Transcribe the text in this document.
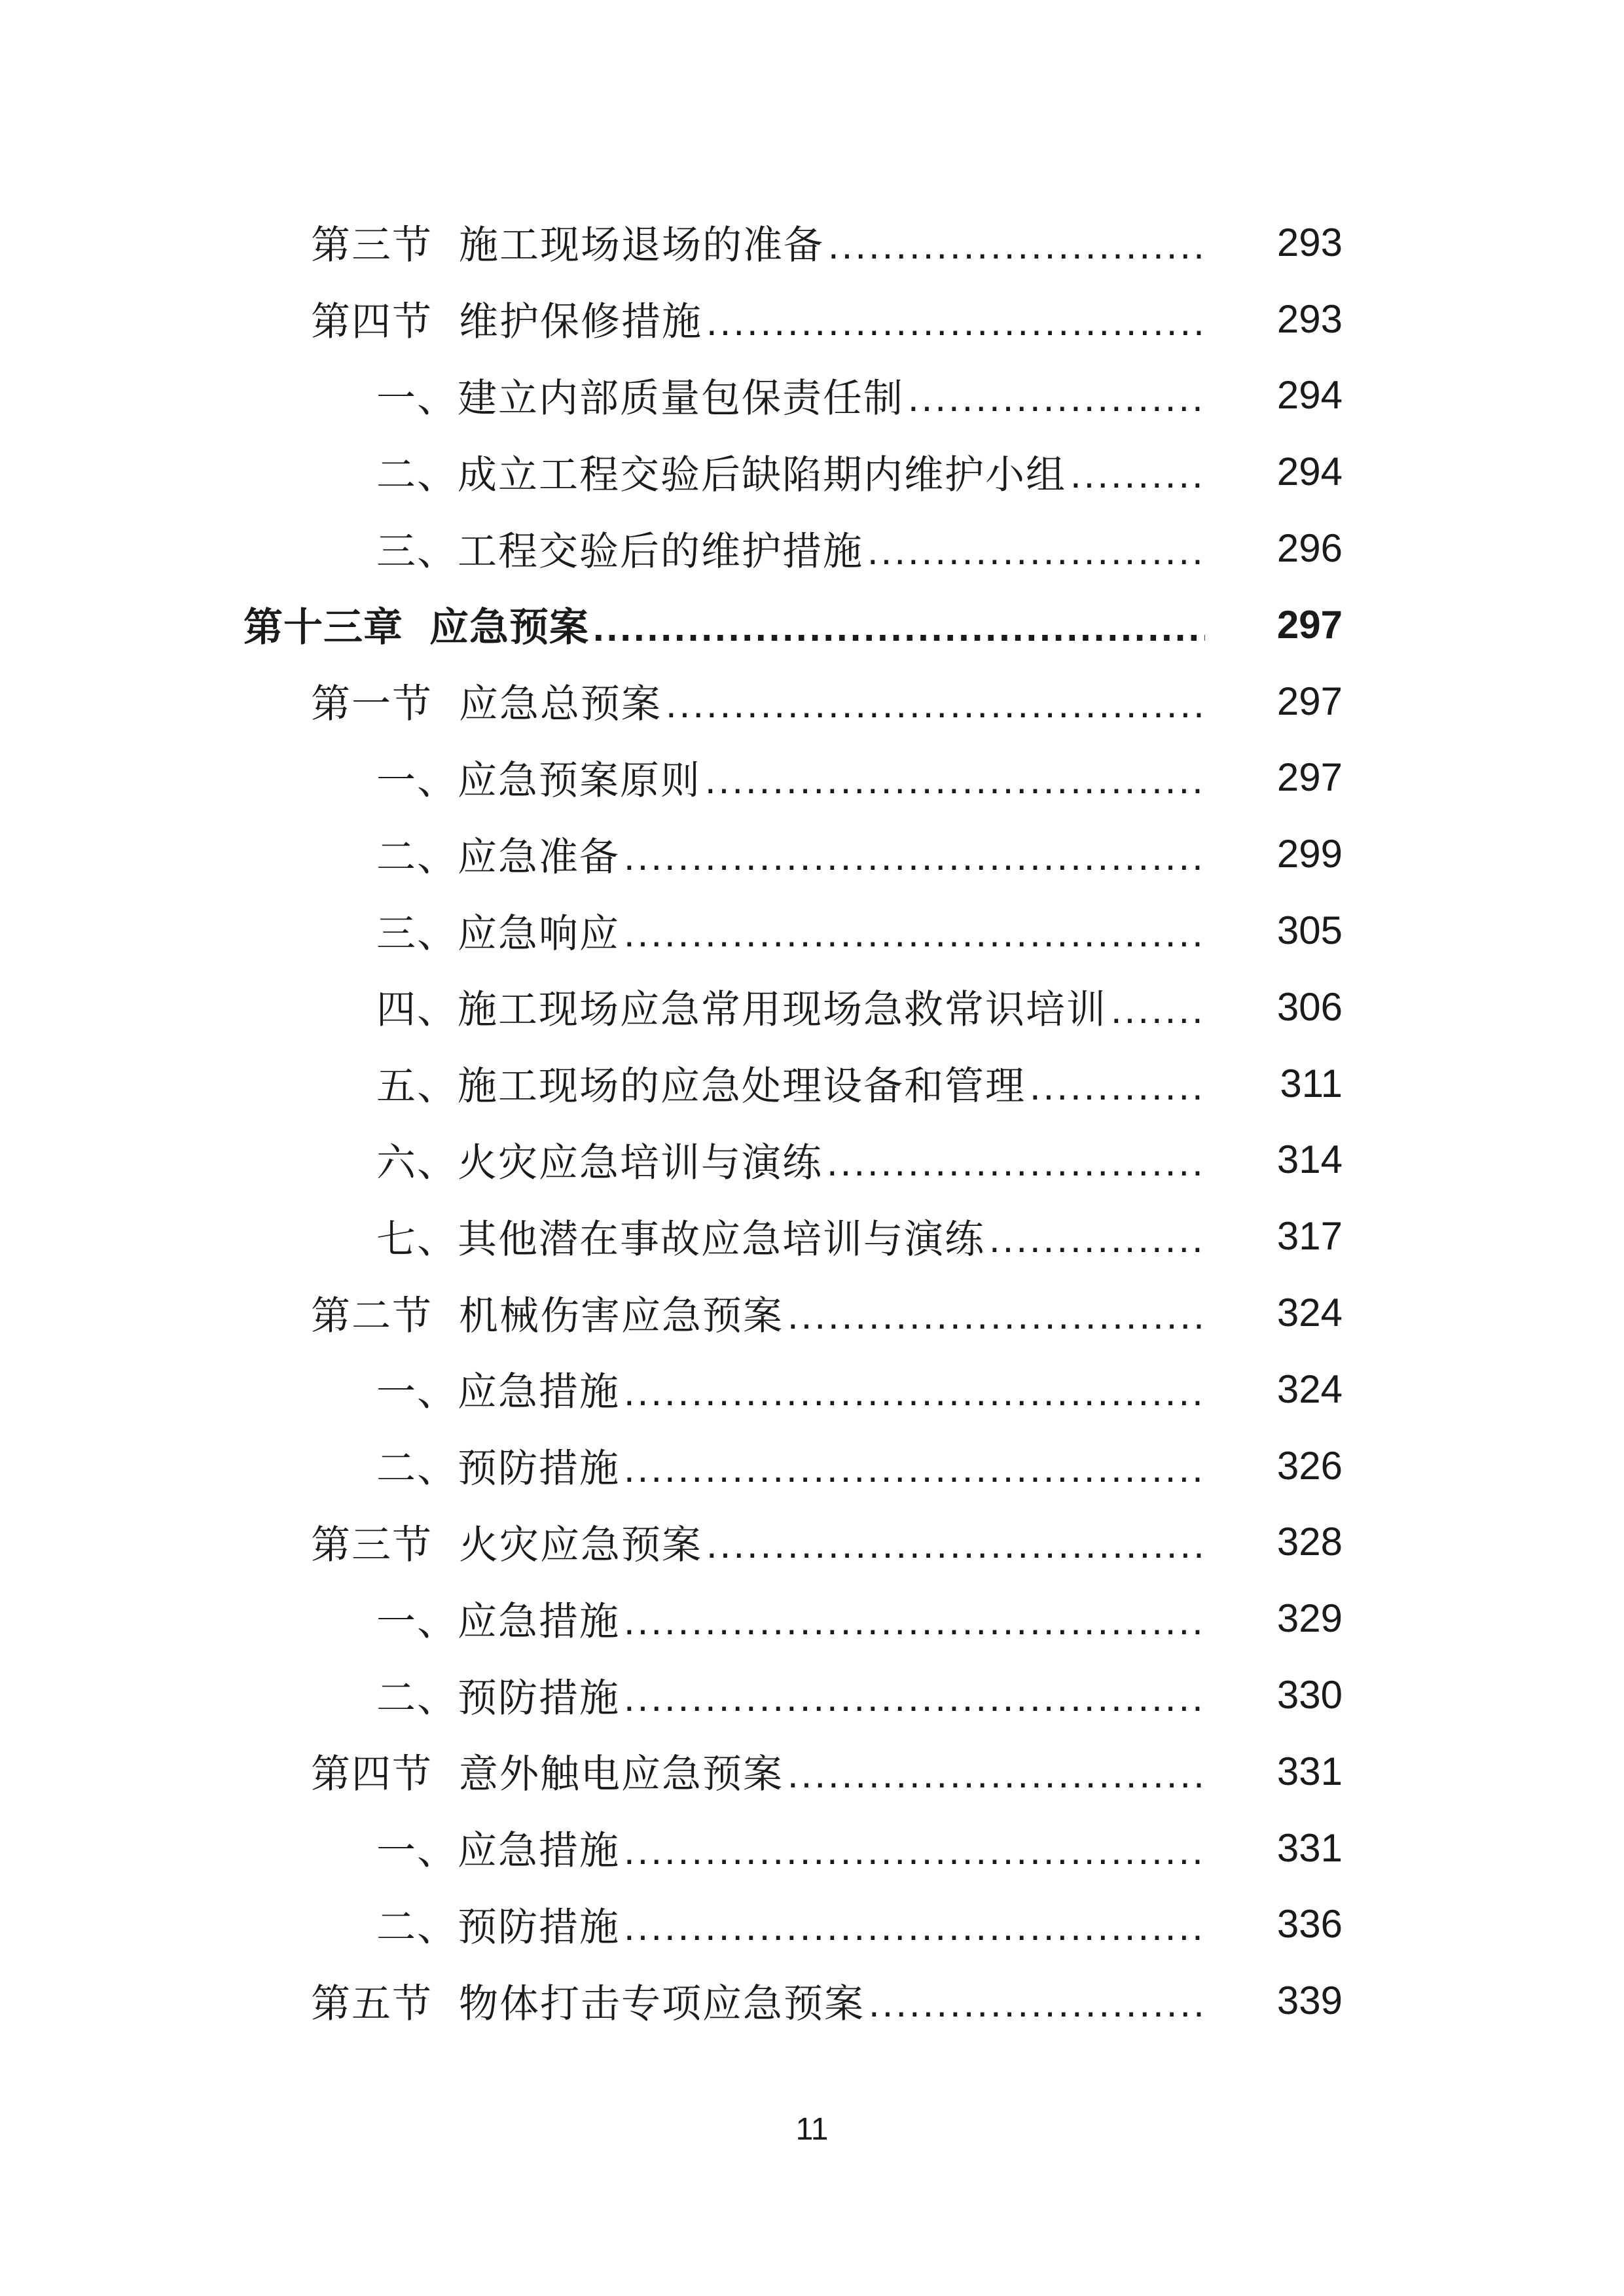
第三节 施工现场退场的准备 .....	293
第四节 维护保修措施 .....	293
一、建立内部质量包保责任制 .....	294
二、成立工程交验后缺陷期内维护小组 .....	294
三、工程交验后的维护措施 .....	296
第十三章 应急预案 .....	297
第一节 应急总预案 .....	297
一、应急预案原则 .....	297
二、应急准备 .....	299
三、应急响应 .....	305
四、施工现场应急常用现场急救常识培训 .....	306
五、施工现场的应急处理设备和管理 .....	311
六、火灾应急培训与演练 .....	314
七、其他潜在事故应急培训与演练 .....	317
第二节 机械伤害应急预案 .....	324
一、应急措施 .....	324
二、预防措施 .....	326
第三节 火灾应急预案 .....	328
一、应急措施 .....	329
二、预防措施 .....	330
第四节 意外触电应急预案 .....	331
一、应急措施 .....	331
二、预防措施 .....	336
第五节 物体打击专项应急预案 .....	339
11
